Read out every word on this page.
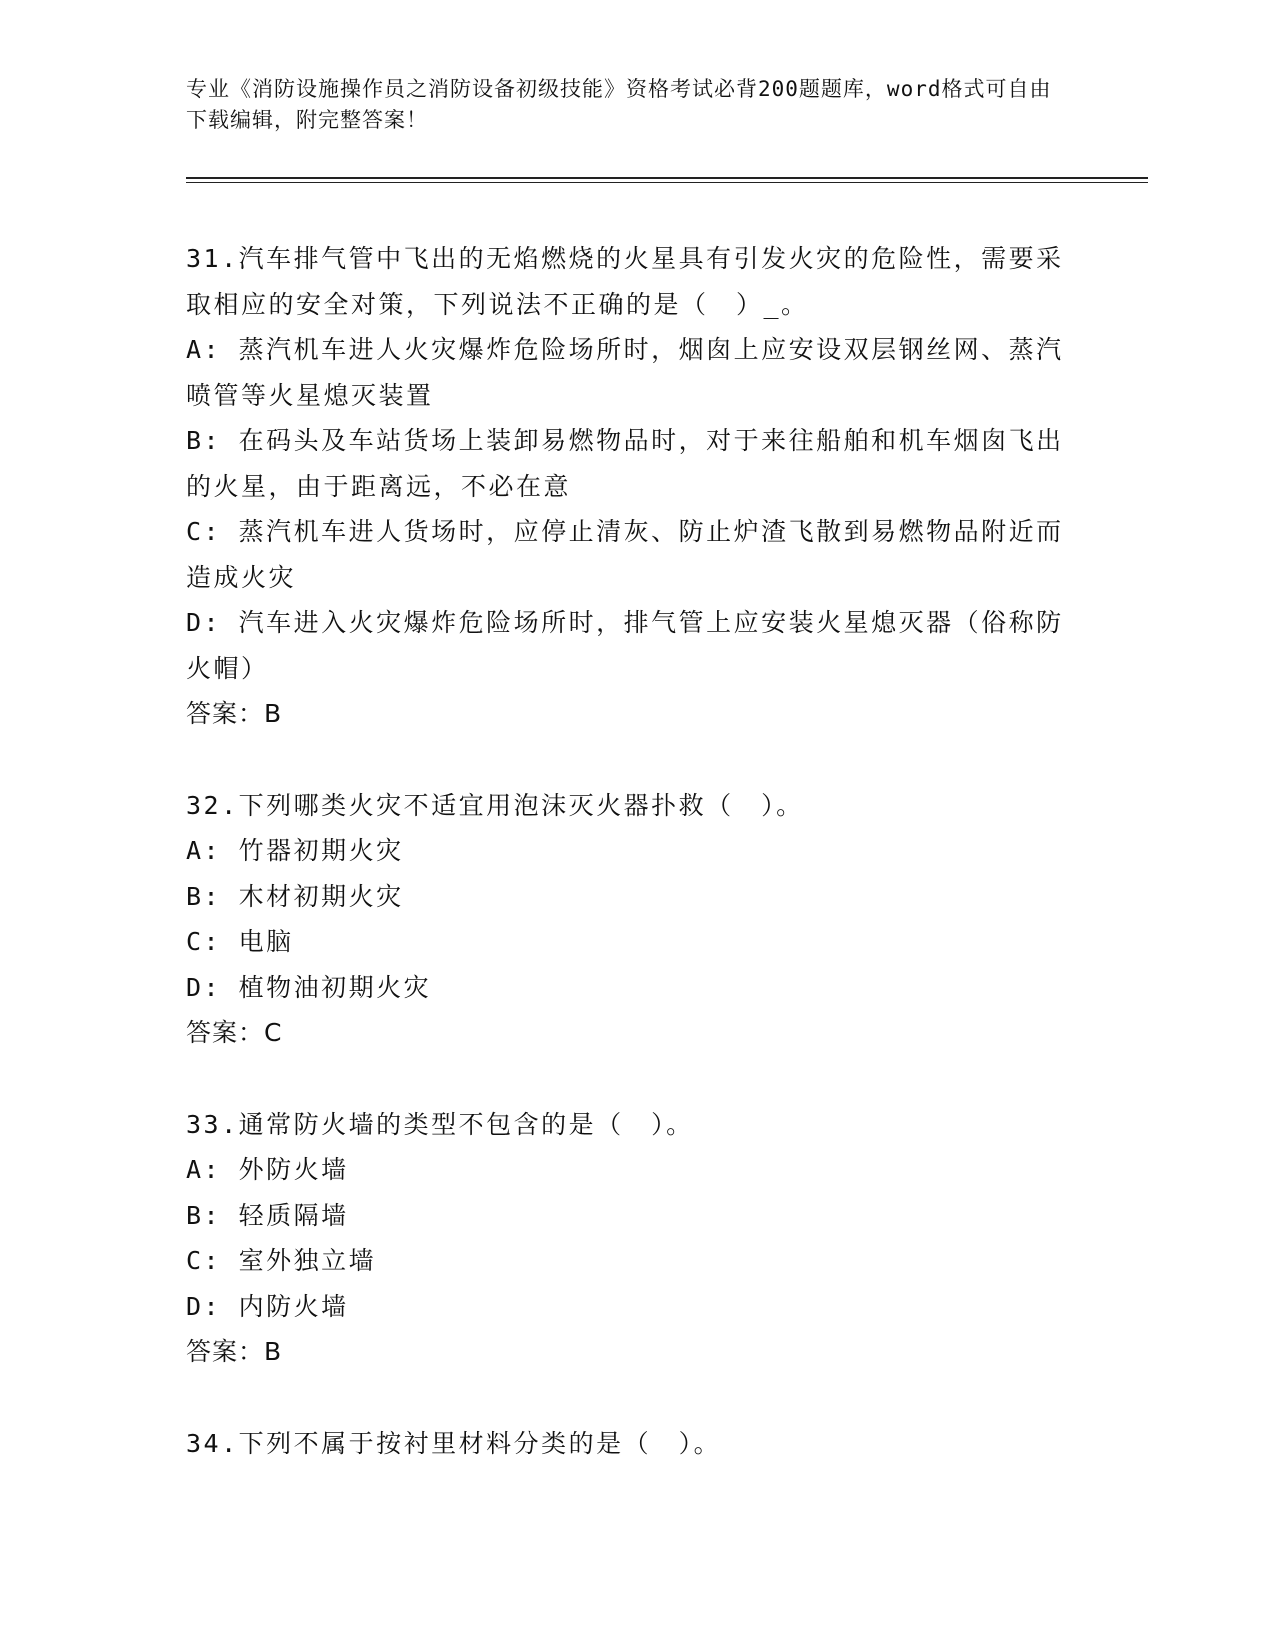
专业《消防设施操作员之消防设备初级技能》资格考试必背200题题库，word格式可自由下载编辑，附完整答案！
31.汽车排气管中飞出的无焰燃烧的火星具有引发火灾的危险性，需要采取相应的安全对策，下列说法不正确的是（　）_。
A: 蒸汽机车进人火灾爆炸危险场所时，烟囱上应安设双层钢丝网、蒸汽喷管等火星熄灭装置
B: 在码头及车站货场上装卸易燃物品时，对于来往船舶和机车烟囱飞出的火星，由于距离远，不必在意
C: 蒸汽机车进人货场时，应停止清灰、防止炉渣飞散到易燃物品附近而造成火灾
D: 汽车进入火灾爆炸危险场所时，排气管上应安装火星熄灭器（俗称防火帽）
答案：B
32.下列哪类火灾不适宜用泡沫灭火器扑救（　）。
A: 竹器初期火灾
B: 木材初期火灾
C: 电脑
D: 植物油初期火灾
答案：C
33.通常防火墙的类型不包含的是（　）。
A: 外防火墙
B: 轻质隔墙
C: 室外独立墙
D: 内防火墙
答案：B
34.下列不属于按衬里材料分类的是（　）。
